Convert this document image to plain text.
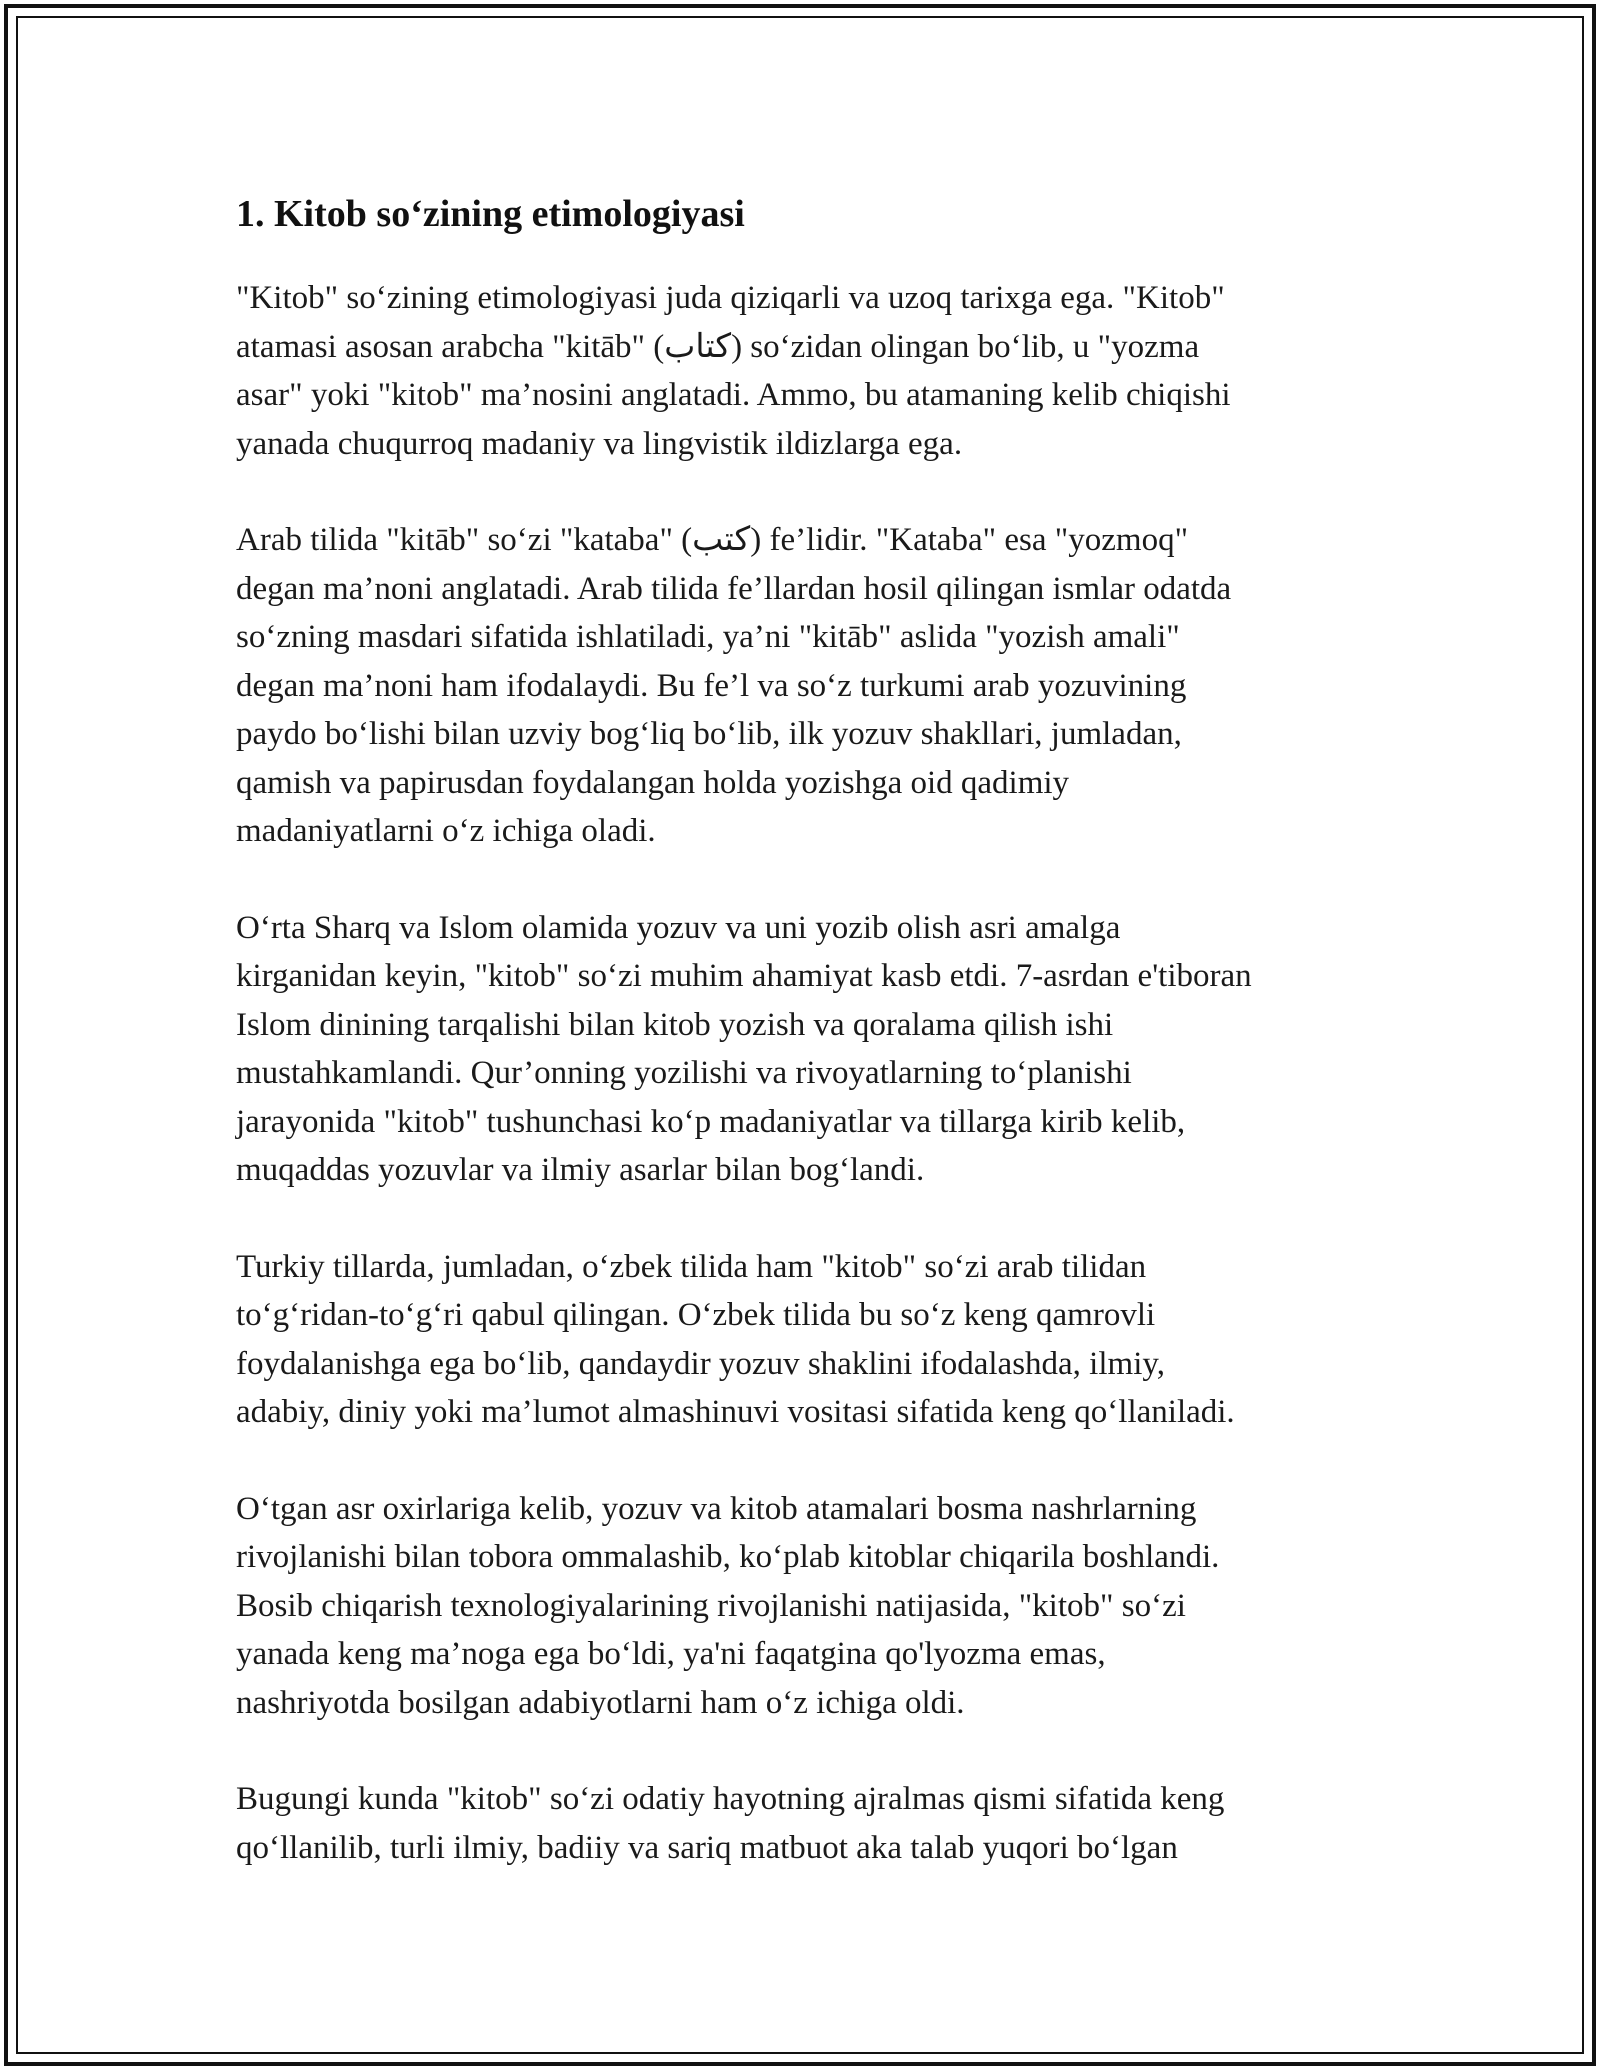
1. Kitob so‘zining etimologiyasi

"Kitob" so‘zining etimologiyasi juda qiziqarli va uzoq tarixga ega. "Kitob"
atamasi asosan arabcha "kitāb" (كتاب) so‘zidan olingan bo‘lib, u "yozma
asar" yoki "kitob" ma’nosini anglatadi. Ammo, bu atamaning kelib chiqishi
yanada chuqurroq madaniy va lingvistik ildizlarga ega.

Arab tilida "kitāb" so‘zi "kataba" (كتب) fe’lidir. "Kataba" esa "yozmoq"
degan ma’noni anglatadi. Arab tilida fe’llardan hosil qilingan ismlar odatda
so‘zning masdari sifatida ishlatiladi, ya’ni "kitāb" aslida "yozish amali"
degan ma’noni ham ifodalaydi. Bu fe’l va so‘z turkumi arab yozuvining
paydo bo‘lishi bilan uzviy bog‘liq bo‘lib, ilk yozuv shakllari, jumladan,
qamish va papirusdan foydalangan holda yozishga oid qadimiy
madaniyatlarni o‘z ichiga oladi.

O‘rta Sharq va Islom olamida yozuv va uni yozib olish asri amalga
kirganidan keyin, "kitob" so‘zi muhim ahamiyat kasb etdi. 7-asrdan e'tiboran
Islom dinining tarqalishi bilan kitob yozish va qoralama qilish ishi
mustahkamlandi. Qur’onning yozilishi va rivoyatlarning to‘planishi
jarayonida "kitob" tushunchasi ko‘p madaniyatlar va tillarga kirib kelib,
muqaddas yozuvlar va ilmiy asarlar bilan bog‘landi.

Turkiy tillarda, jumladan, o‘zbek tilida ham "kitob" so‘zi arab tilidan
to‘g‘ridan-to‘g‘ri qabul qilingan. O‘zbek tilida bu so‘z keng qamrovli
foydalanishga ega bo‘lib, qandaydir yozuv shaklini ifodalashda, ilmiy,
adabiy, diniy yoki ma’lumot almashinuvi vositasi sifatida keng qo‘llaniladi.

O‘tgan asr oxirlariga kelib, yozuv va kitob atamalari bosma nashrlarning
rivojlanishi bilan tobora ommalashib, ko‘plab kitoblar chiqarila boshlandi.
Bosib chiqarish texnologiyalarining rivojlanishi natijasida, "kitob" so‘zi
yanada keng ma’noga ega bo‘ldi, ya'ni faqatgina qo'lyozma emas,
nashriyotda bosilgan adabiyotlarni ham o‘z ichiga oldi.

Bugungi kunda "kitob" so‘zi odatiy hayotning ajralmas qismi sifatida keng
qo‘llanilib, turli ilmiy, badiiy va sariq matbuot aka talab yuqori bo‘lgan
